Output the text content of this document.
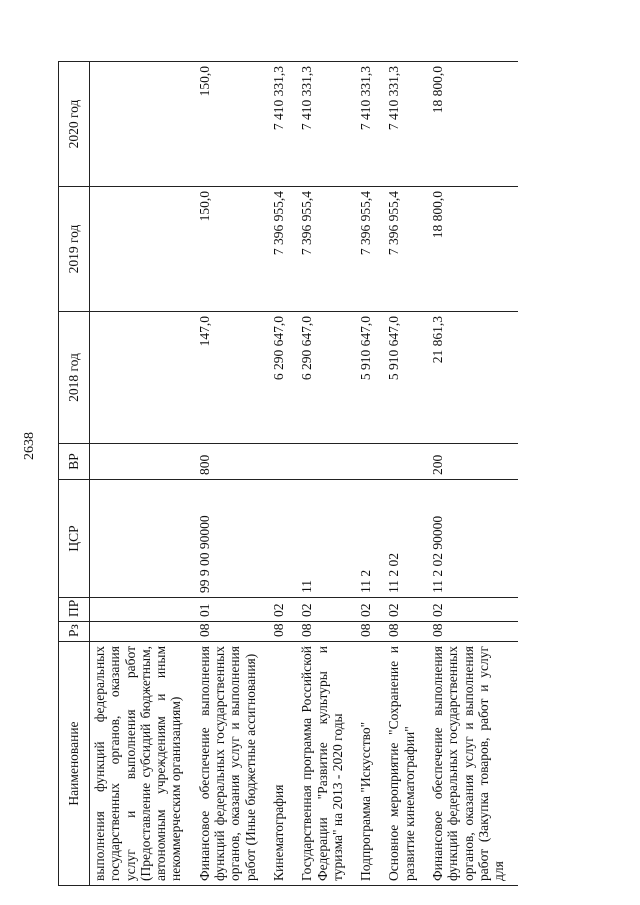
2638
Наименование	Рз	ПР	ЦСР	ВР	2018 год	2019 год	2020 год
выполнения функций федеральных государственных органов, оказания услуг и выполнения работ (Предоставление субсидий бюджетным, автономным учреждениям и иным некоммерческим организациям)							
Финансовое обеспечение выполнения функций федеральных государственных органов, оказания услуг и выполнения работ (Иные бюджетные ассигнования)	08	01	99 9 00 90000	800	147,0	150,0	150,0
Кинематография	08	02			6 290 647,0	7 396 955,4	7 410 331,3
Государственная программа Российской Федерации "Развитие культуры и туризма" на 2013 - 2020 годы	08	02	11		6 290 647,0	7 396 955,4	7 410 331,3
Подпрограмма "Искусство"	08	02	11 2		5 910 647,0	7 396 955,4	7 410 331,3
Основное мероприятие "Сохранение и развитие кинематографии"	08	02	11 2 02		5 910 647,0	7 396 955,4	7 410 331,3
Финансовое обеспечение выполнения функций федеральных государственных органов, оказания услуг и выполнения работ (Закупка товаров, работ и услуг для	08	02	11 2 02 90000	200	21 861,3	18 800,0	18 800,0
